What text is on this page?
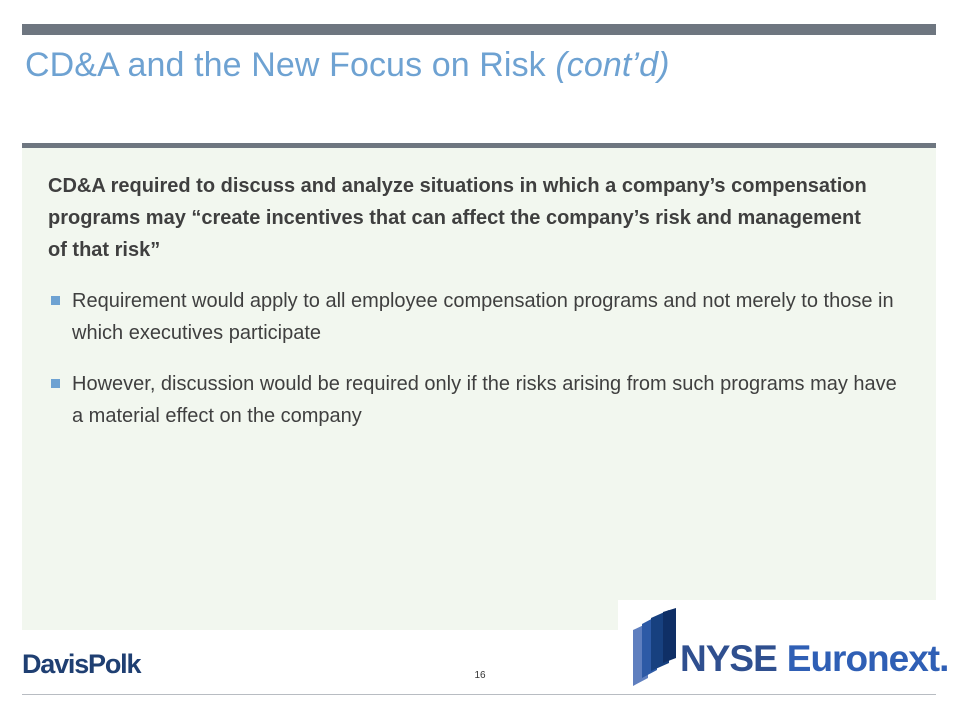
CD&A and the New Focus on Risk (cont’d)

CD&A required to discuss and analyze situations in which a company’s compensation programs may “create incentives that can affect the company’s risk and management of that risk”

Requirement would apply to all employee compensation programs and not merely to those in which executives participate
However, discussion would be required only if the risks arising from such programs may have a material effect on the company
DavisPolk	16	NYSE Euronext.
